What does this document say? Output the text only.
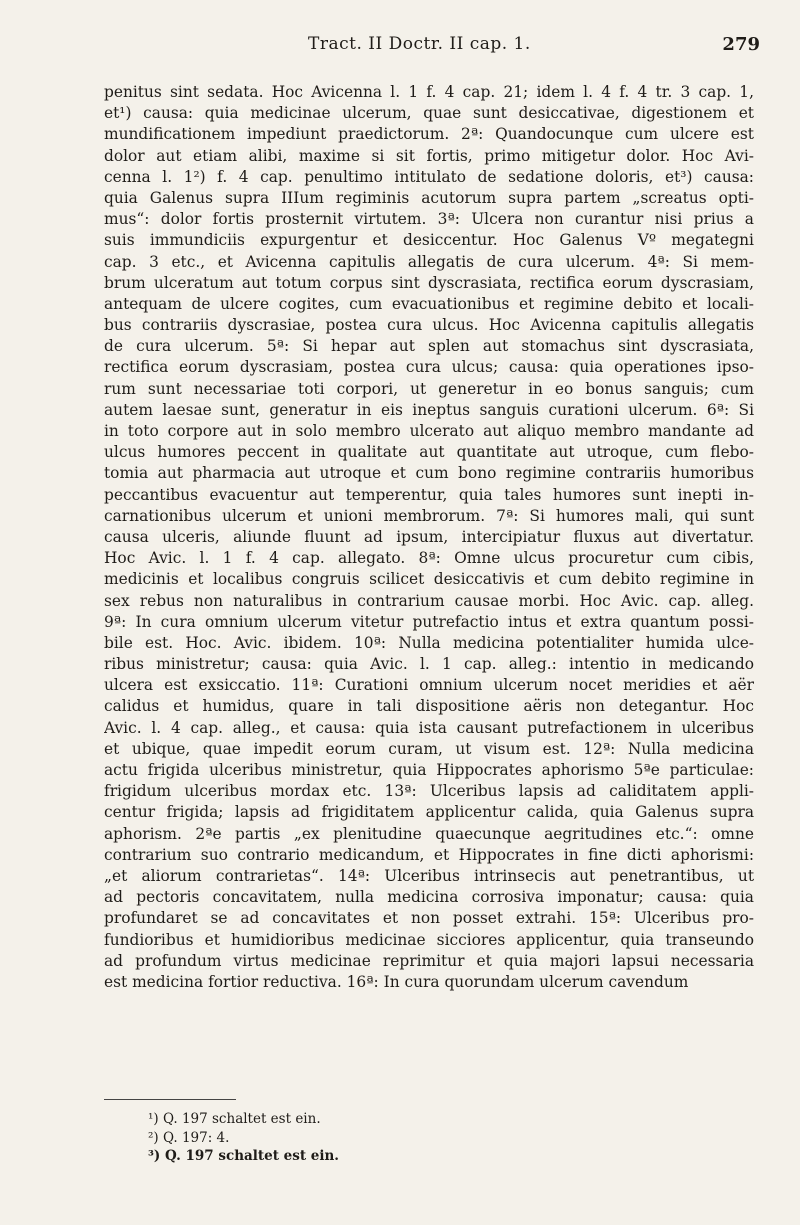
Tract. II Doctr. II cap. 1.	279
penitus sint sedata. Hoc Avicenna l. 1 f. 4 cap. 21; idem l. 4 f. 4 tr. 3 cap. 1,
et¹) causa: quia medicinae ulcerum, quae sunt desiccativae, digestionem et
mundificationem impediunt praedictorum. 2ª: Quandocunque cum ulcere est
dolor aut etiam alibi, maxime si sit fortis, primo mitigetur dolor. Hoc Avi-
cenna l. 1²) f. 4 cap. penultimo intitulato de sedatione doloris, et³) causa:
quia Galenus supra IIIum regiminis acutorum supra partem „screatus opti-
mus“: dolor fortis prosternit virtutem. 3ª: Ulcera non curantur nisi prius a
suis immundiciis expurgentur et desiccentur. Hoc Galenus Vº megategni
cap. 3 etc., et Avicenna capitulis allegatis de cura ulcerum. 4ª: Si mem-
brum ulceratum aut totum corpus sint dyscrasiata, rectifica eorum dyscrasiam,
antequam de ulcere cogites, cum evacuationibus et regimine debito et locali-
bus contrariis dyscrasiae, postea cura ulcus. Hoc Avicenna capitulis allegatis
de cura ulcerum. 5ª: Si hepar aut splen aut stomachus sint dyscrasiata,
rectifica eorum dyscrasiam, postea cura ulcus; causa: quia operationes ipso-
rum sunt necessariae toti corpori, ut generetur in eo bonus sanguis; cum
autem laesae sunt, generatur in eis ineptus sanguis curationi ulcerum. 6ª: Si
in toto corpore aut in solo membro ulcerato aut aliquo membro mandante ad
ulcus humores peccent in qualitate aut quantitate aut utroque, cum flebo-
tomia aut pharmacia aut utroque et cum bono regimine contrariis humoribus
peccantibus evacuentur aut temperentur, quia tales humores sunt inepti in-
carnationibus ulcerum et unioni membrorum. 7ª: Si humores mali, qui sunt
causa ulceris, aliunde fluunt ad ipsum, intercipiatur fluxus aut divertatur.
Hoc Avic. l. 1 f. 4 cap. allegato. 8ª: Omne ulcus procuretur cum cibis,
medicinis et localibus congruis scilicet desiccativis et cum debito regimine in
sex rebus non naturalibus in contrarium causae morbi. Hoc Avic. cap. alleg.
9ª: In cura omnium ulcerum vitetur putrefactio intus et extra quantum possi-
bile est. Hoc. Avic. ibidem. 10ª: Nulla medicina potentialiter humida ulce-
ribus ministretur; causa: quia Avic. l. 1 cap. alleg.: intentio in medicando
ulcera est exsiccatio. 11ª: Curationi omnium ulcerum nocet meridies et aër
calidus et humidus, quare in tali dispositione aëris non detegantur. Hoc
Avic. l. 4 cap. alleg., et causa: quia ista causant putrefactionem in ulceribus
et ubique, quae impedit eorum curam, ut visum est. 12ª: Nulla medicina
actu frigida ulceribus ministretur, quia Hippocrates aphorismo 5ªe particulae:
frigidum ulceribus mordax etc. 13ª: Ulceribus lapsis ad caliditatem appli-
centur frigida; lapsis ad frigiditatem applicentur calida, quia Galenus supra
aphorism. 2ªe partis „ex plenitudine quaecunque aegritudines etc.“: omne
contrarium suo contrario medicandum, et Hippocrates in fine dicti aphorismi:
„et aliorum contrarietas“. 14ª: Ulceribus intrinsecis aut penetrantibus, ut
ad pectoris concavitatem, nulla medicina corrosiva imponatur; causa: quia
profundaret se ad concavitates et non posset extrahi. 15ª: Ulceribus pro-
fundioribus et humidioribus medicinae sicciores applicentur, quia transeundo
ad profundum virtus medicinae reprimitur et quia majori lapsui necessaria
est medicina fortior reductiva. 16ª: In cura quorundam ulcerum cavendum
¹) Q. 197 schaltet est ein.
²) Q. 197: 4.
³) Q. 197 schaltet est ein.
